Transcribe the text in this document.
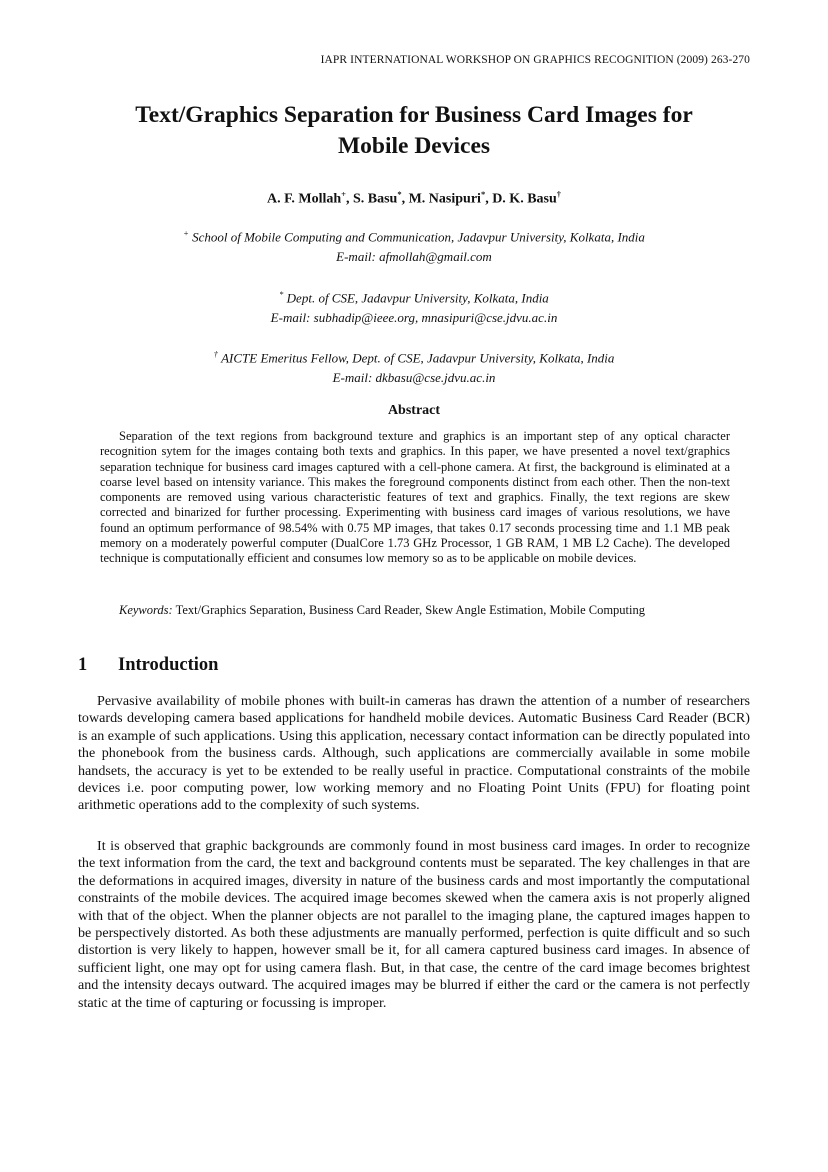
IAPR INTERNATIONAL WORKSHOP ON GRAPHICS RECOGNITION (2009) 263-270
Text/Graphics Separation for Business Card Images for
Mobile Devices
A. F. Mollah+, S. Basu*, M. Nasipuri*, D. K. Basu†
+ School of Mobile Computing and Communication, Jadavpur University, Kolkata, India
E-mail: afmollah@gmail.com
* Dept. of CSE, Jadavpur University, Kolkata, India
E-mail: subhadip@ieee.org, mnasipuri@cse.jdvu.ac.in
† AICTE Emeritus Fellow, Dept. of CSE, Jadavpur University, Kolkata, India
E-mail: dkbasu@cse.jdvu.ac.in
Abstract

Separation of the text regions from background texture and graphics is an important step of any optical character recognition sytem for the images containg both texts and graphics. In this paper, we have presented a novel text/graphics separation technique for business card images captured with a cell-phone camera. At first, the background is eliminated at a coarse level based on intensity variance. This makes the foreground components distinct from each other. Then the non-text components are removed using various characteristic features of text and graphics. Finally, the text regions are skew corrected and binarized for further processing. Experimenting with business card images of various resolutions, we have found an optimum performance of 98.54% with 0.75 MP images, that takes 0.17 seconds processing time and 1.1 MB peak memory on a moderately powerful computer (DualCore 1.73 GHz Processor, 1 GB RAM, 1 MB L2 Cache). The developed technique is computationally efficient and consumes low memory so as to be applicable on mobile devices.

Keywords: Text/Graphics Separation, Business Card Reader, Skew Angle Estimation, Mobile Computing

1 Introduction

Pervasive availability of mobile phones with built-in cameras has drawn the attention of a number of researchers towards developing camera based applications for handheld mobile devices. Automatic Business Card Reader (BCR) is an example of such applications. Using this application, necessary contact information can be directly populated into the phonebook from the business cards. Although, such applications are commercially available in some mobile handsets, the accuracy is yet to be extended to be really useful in practice. Computational constraints of the mobile devices i.e. poor computing power, low working memory and no Floating Point Units (FPU) for floating point arithmetic operations add to the complexity of such systems.

It is observed that graphic backgrounds are commonly found in most business card images. In order to recognize the text information from the card, the text and background contents must be separated. The key challenges in that are the deformations in acquired images, diversity in nature of the business cards and most importantly the computational constraints of the mobile devices. The acquired image becomes skewed when the camera axis is not properly aligned with that of the object. When the planner objects are not parallel to the imaging plane, the captured images happen to be perspectively distorted. As both these adjustments are manually performed, perfection is quite difficult and so such distortion is very likely to happen, however small be it, for all camera captured business card images. In absence of sufficient light, one may opt for using camera flash. But, in that case, the centre of the card image becomes brightest and the intensity decays outward. The acquired images may be blurred if either the card or the camera is not perfectly static at the time of capturing or focussing is improper.
